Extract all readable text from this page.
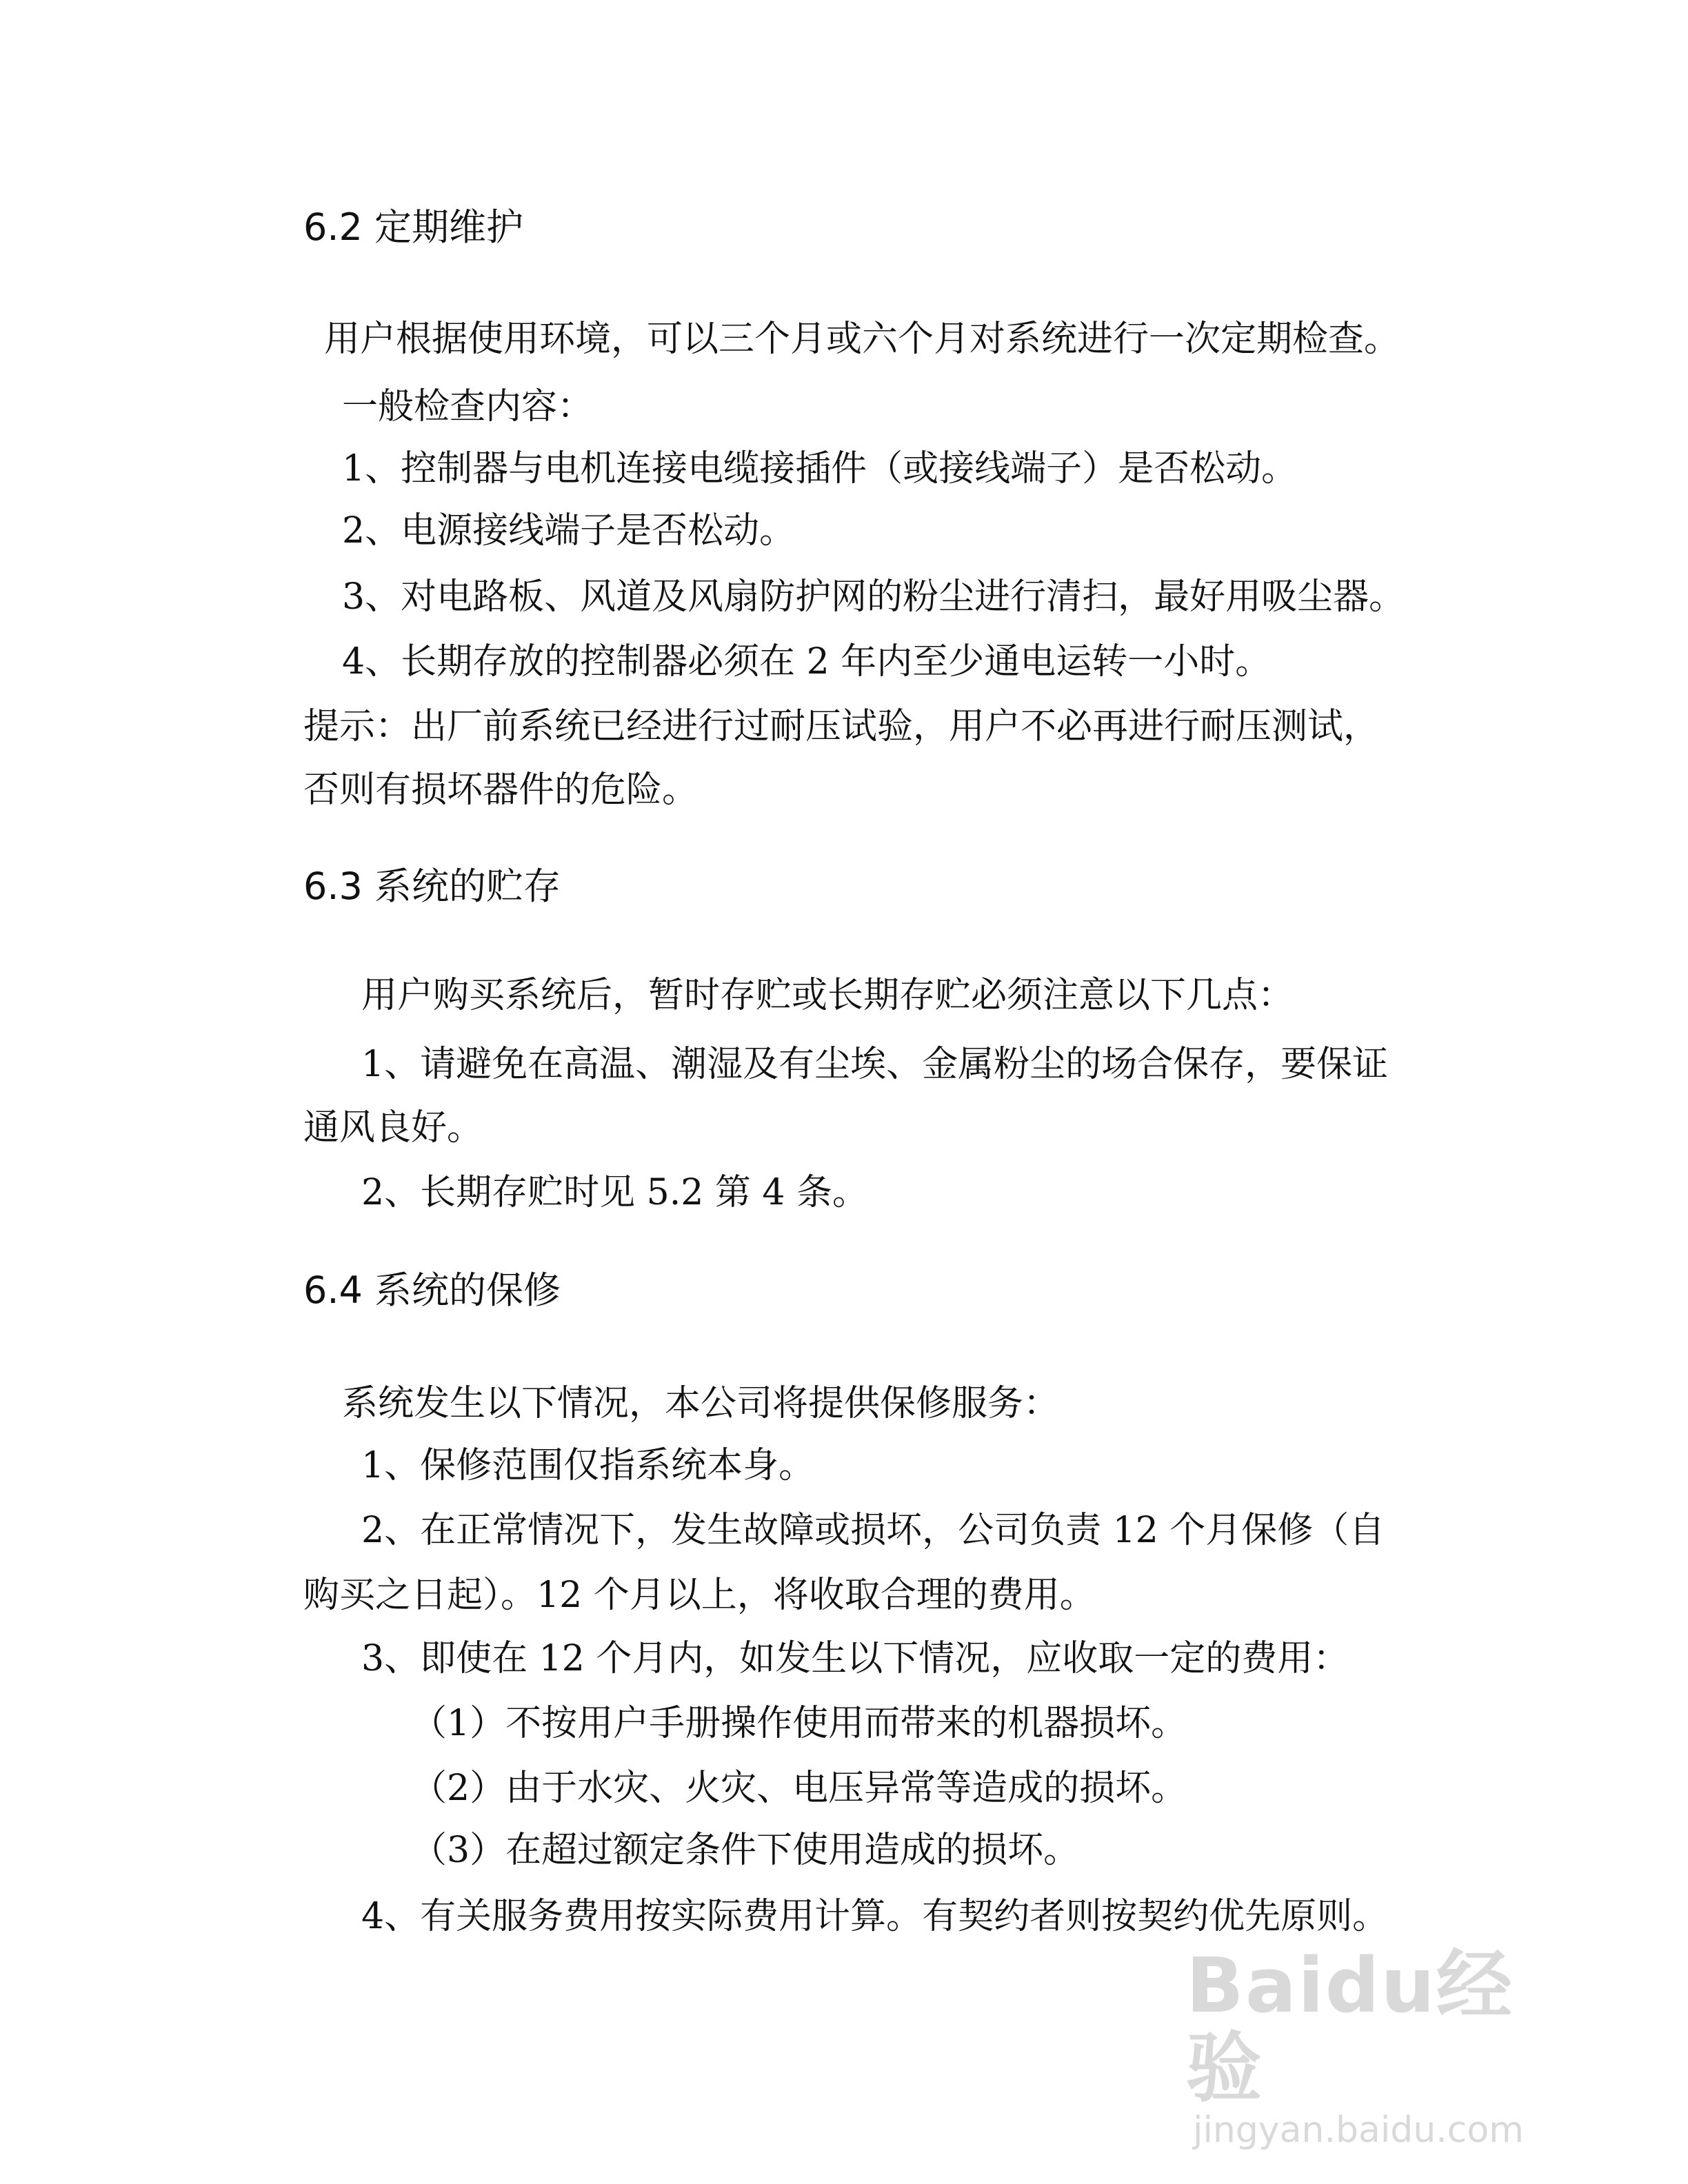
6.2 定期维护
用户根据使用环境，可以三个月或六个月对系统进行一次定期检查。
一般检查内容：
1、控制器与电机连接电缆接插件（或接线端子）是否松动。
2、电源接线端子是否松动。
3、对电路板、风道及风扇防护网的粉尘进行清扫，最好用吸尘器。
4、长期存放的控制器必须在 2 年内至少通电运转一小时。
提示：出厂前系统已经进行过耐压试验，用户不必再进行耐压测试，
否则有损坏器件的危险。
6.3 系统的贮存
用户购买系统后，暂时存贮或长期存贮必须注意以下几点：
1、请避免在高温、潮湿及有尘埃、金属粉尘的场合保存，要保证
通风良好。
2、长期存贮时见 5.2 第 4 条。
6.4 系统的保修
系统发生以下情况，本公司将提供保修服务：
1、保修范围仅指系统本身。
2、在正常情况下，发生故障或损坏，公司负责 12 个月保修（自
购买之日起）。12 个月以上，将收取合理的费用。
3、即使在 12 个月内，如发生以下情况，应收取一定的费用：
（1）不按用户手册操作使用而带来的机器损坏。
（2）由于水灾、火灾、电压异常等造成的损坏。
（3）在超过额定条件下使用造成的损坏。
4、有关服务费用按实际费用计算。有契约者则按契约优先原则。
Baidu经验
jingyan.baidu.com
